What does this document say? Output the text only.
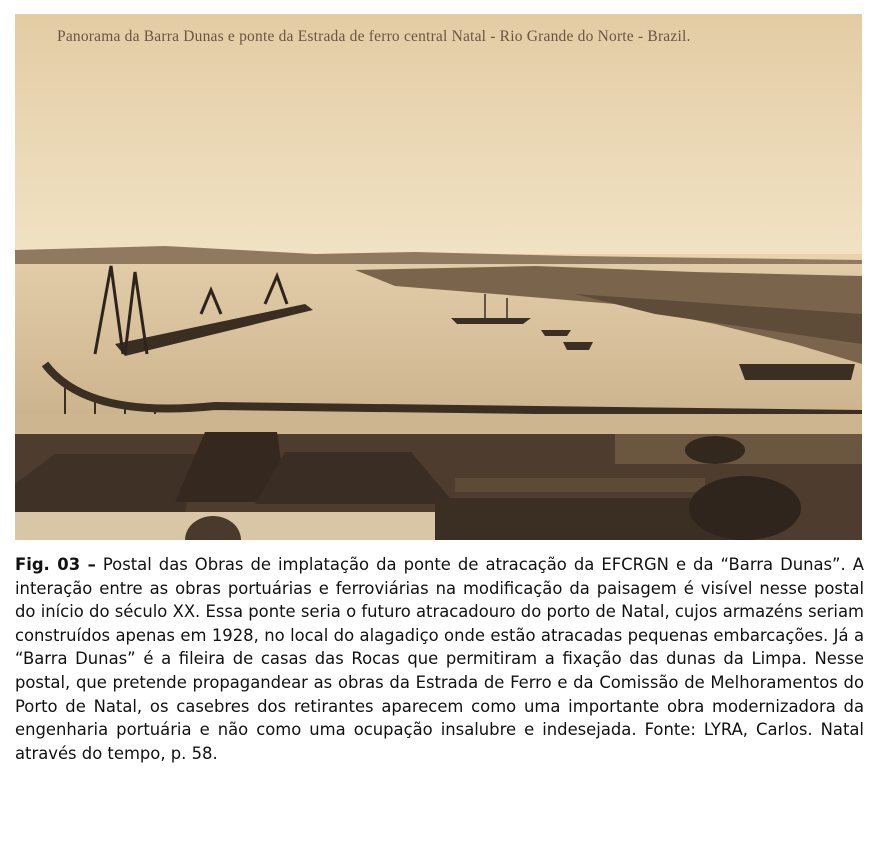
Panorama da Barra Dunas e ponte da Estrada de ferro central Natal - Rio Grande do Norte - Brazil.

Fig. 03 – Postal das Obras de implatação da ponte de atracação da EFCRGN e da “Barra Dunas”. A interação entre as obras portuárias e ferroviárias na modificação da paisagem é visível nesse postal do início do século XX. Essa ponte seria o futuro atracadouro do porto de Natal, cujos armazéns seriam construídos apenas em 1928, no local do alagadiço onde estão atracadas pequenas embarcações. Já a “Barra Dunas” é a fileira de casas das Rocas que permitiram a fixação das dunas da Limpa. Nesse postal, que pretende propagandear as obras da Estrada de Ferro e da Comissão de Melhoramentos do Porto de Natal, os casebres dos retirantes aparecem como uma importante obra modernizadora da engenharia portuária e não como uma ocupação insalubre e indesejada. Fonte: LYRA, Carlos. Natal através do tempo, p. 58.
